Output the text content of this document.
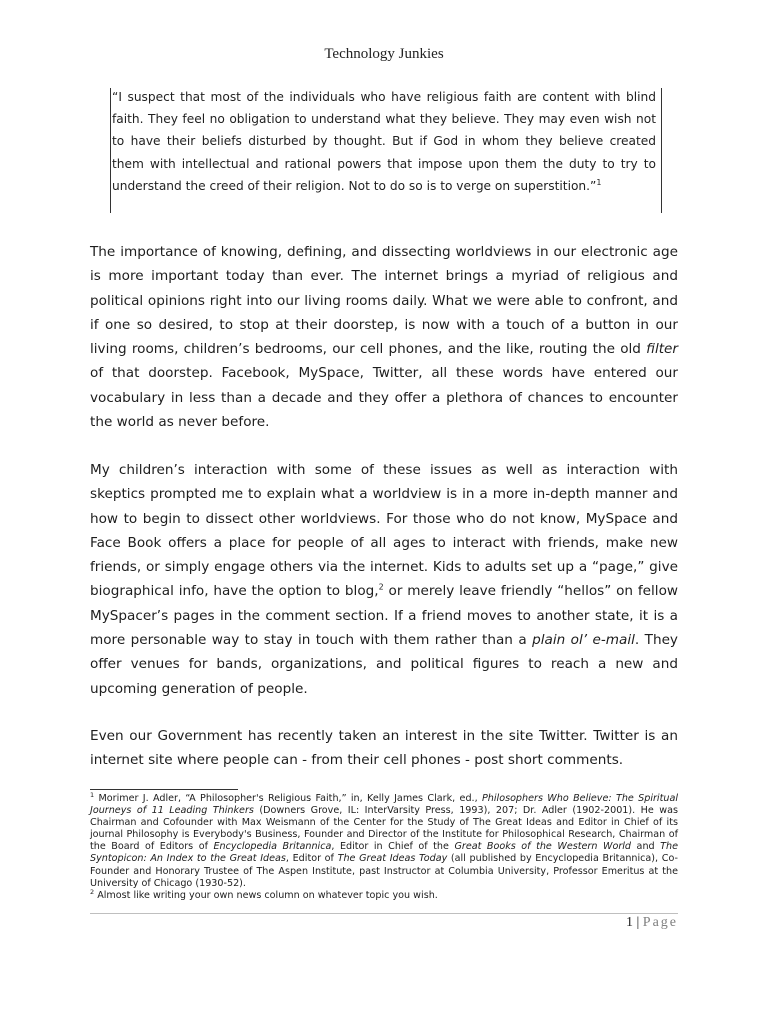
Technology Junkies

“I suspect that most of the individuals who have religious faith are content with blind faith. They feel no obligation to understand what they believe. They may even wish not to have their beliefs disturbed by thought. But if God in whom they believe created them with intellectual and rational powers that impose upon them the duty to try to understand the creed of their religion. Not to do so is to verge on superstition.”$^1$

The importance of knowing, defining, and dissecting worldviews in our electronic age is more important today than ever. The internet brings a myriad of religious and political opinions right into our living rooms daily. What we were able to confront, and if one so desired, to stop at their doorstep, is now with a touch of a button in our living rooms, children’s bedrooms, our cell phones, and the like, routing the old filter of that doorstep. Facebook, MySpace, Twitter, all these words have entered our vocabulary in less than a decade and they offer a plethora of chances to encounter the world as never before.

My children’s interaction with some of these issues as well as interaction with skeptics prompted me to explain what a worldview is in a more in-depth manner and how to begin to dissect other worldviews. For those who do not know, MySpace and Face Book offers a place for people of all ages to interact with friends, make new friends, or simply engage others via the internet. Kids to adults set up a “page,” give biographical info, have the option to blog,$^2$ or merely leave friendly “hellos” on fellow MySpacer’s pages in the comment section. If a friend moves to another state, it is a more personable way to stay in touch with them rather than a plain ol’ e-mail. They offer venues for bands, organizations, and political figures to reach a new and upcoming generation of people.

Even our Government has recently taken an interest in the site Twitter. Twitter is an internet site where people can - from their cell phones - post short comments.

$^1$ Morimer J. Adler, “A Philosopher's Religious Faith,” in, Kelly James Clark, ed., Philosophers Who Believe: The Spiritual Journeys of 11 Leading Thinkers (Downers Grove, IL: InterVarsity Press, 1993), 207; Dr. Adler (1902-2001). He was Chairman and Cofounder with Max Weismann of the Center for the Study of The Great Ideas and Editor in Chief of its journal Philosophy is Everybody's Business, Founder and Director of the Institute for Philosophical Research, Chairman of the Board of Editors of Encyclopedia Britannica, Editor in Chief of the Great Books of the Western World and The Syntopicon: An Index to the Great Ideas, Editor of The Great Ideas Today (all published by Encyclopedia Britannica), Co-Founder and Honorary Trustee of The Aspen Institute, past Instructor at Columbia University, Professor Emeritus at the University of Chicago (1930-52).

$^2$ Almost like writing your own news column on whatever topic you wish.

1 | Page
